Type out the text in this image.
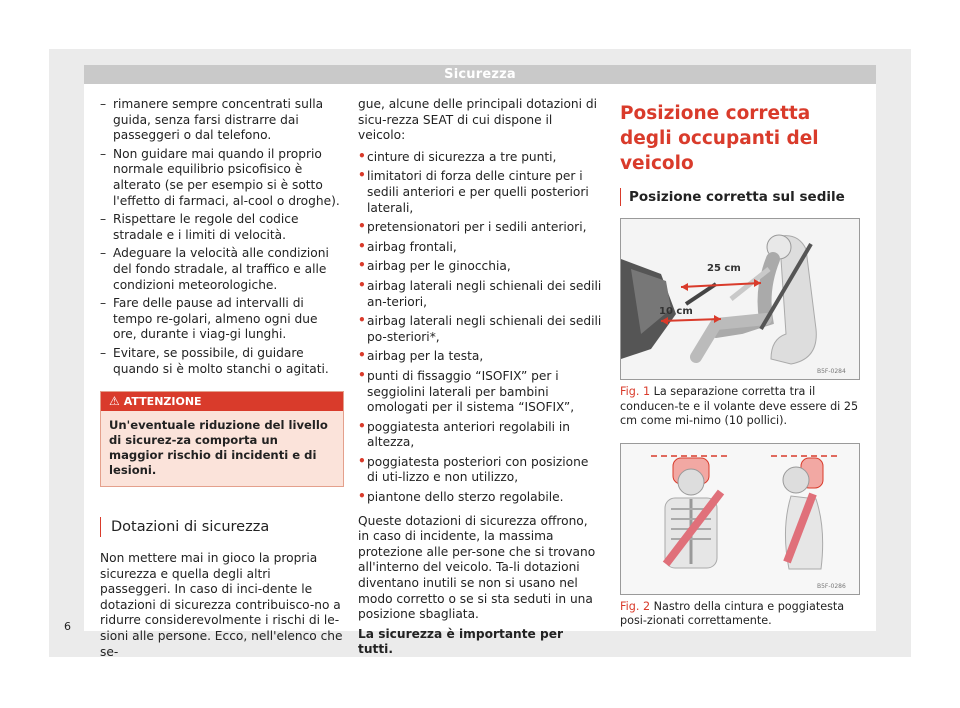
Sicurezza
– rimanere sempre concentrati sulla guida, senza farsi distrarre dai passeggeri o dal telefono.
– Non guidare mai quando il proprio normale equilibrio psicofisico è alterato (se per esempio si è sotto l'effetto di farmaci, al-cool o droghe).
– Rispettare le regole del codice stradale e i limiti di velocità.
– Adeguare la velocità alle condizioni del fondo stradale, al traffico e alle condizioni meteorologiche.
– Fare delle pause ad intervalli di tempo re-golari, almeno ogni due ore, durante i viag-gi lunghi.
– Evitare, se possibile, di guidare quando si è molto stanchi o agitati.
⚠ ATTENZIONE
Un'eventuale riduzione del livello di sicurez-za comporta un maggior rischio di incidenti e di lesioni.
Dotazioni di sicurezza
Non mettere mai in gioco la propria sicurezza e quella degli altri passeggeri. In caso di inci-dente le dotazioni di sicurezza contribuisco-no a ridurre considerevolmente i rischi di le-sioni alle persone. Ecco, nell'elenco che se-
gue, alcune delle principali dotazioni di sicu-rezza SEAT di cui dispone il veicolo:
• cinture di sicurezza a tre punti,
• limitatori di forza delle cinture per i sedili anteriori e per quelli posteriori laterali,
• pretensionatori per i sedili anteriori,
• airbag frontali,
• airbag per le ginocchia,
• airbag laterali negli schienali dei sedili an-teriori,
• airbag laterali negli schienali dei sedili po-steriori*,
• airbag per la testa,
• punti di fissaggio “ISOFIX” per i seggiolini laterali per bambini omologati per il sistema “ISOFIX”,
• poggiatesta anteriori regolabili in altezza,
• poggiatesta posteriori con posizione di uti-lizzo e non utilizzo,
• piantone dello sterzo regolabile.
Queste dotazioni di sicurezza offrono, in caso di incidente, la massima protezione alle per-sone che si trovano all'interno del veicolo. Ta-li dotazioni diventano inutili se non si usano nel modo corretto o se si sta seduti in una posizione sbagliata.
La sicurezza è importante per tutti.
Posizione corretta degli occupanti del veicolo
Posizione corretta sul sedile
25 cm
10 cm
B5F-0284
Fig. 1 La separazione corretta tra il conducen-te e il volante deve essere di 25 cm come mi-nimo (10 pollici).
B5F-0286
Fig. 2 Nastro della cintura e poggiatesta posi-zionati correttamente.
6
